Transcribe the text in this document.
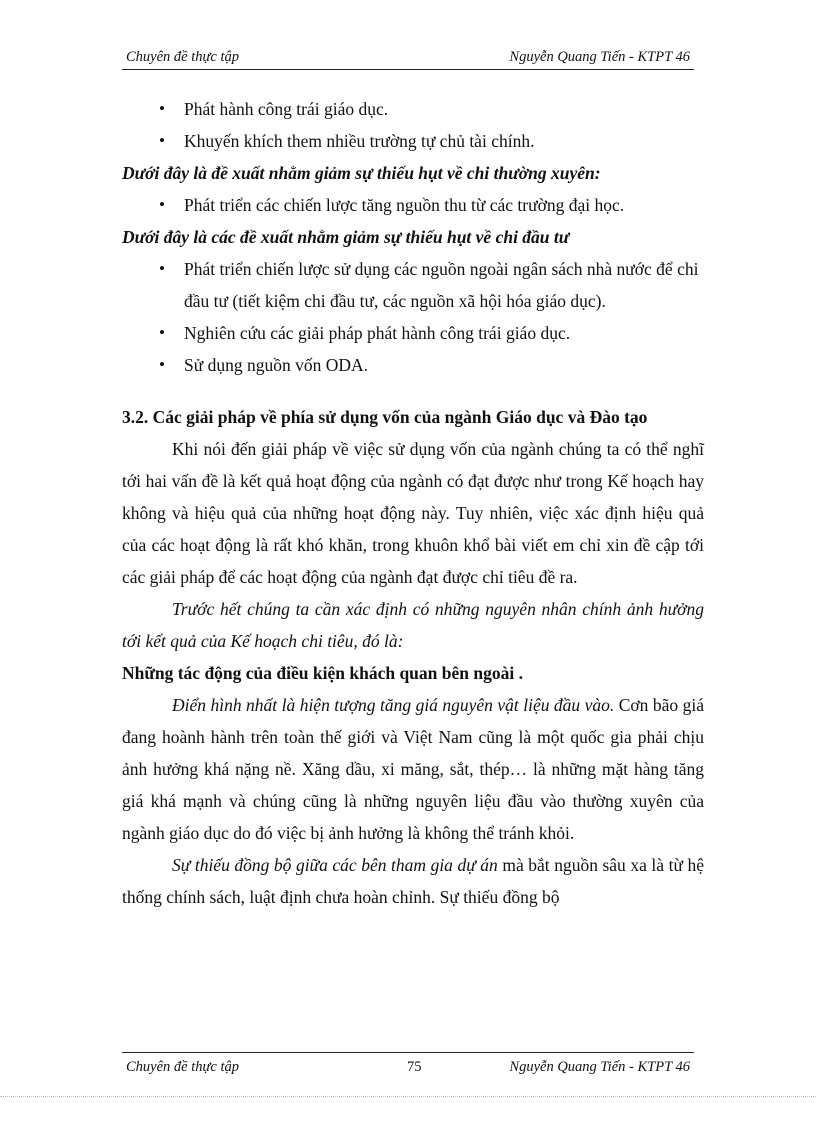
Chuyên đề thực tập	Nguyễn Quang Tiến - KTPT 46
• Phát hành công trái giáo dục.
• Khuyến khích them nhiều trường tự chủ tài chính.
Dưới đây là đề xuất nhằm giảm sự thiếu hụt về chi thường xuyên:
• Phát triển các chiến lược tăng nguồn thu từ các trường đại học.
Dưới đây là các đề xuất nhằm giảm sự thiếu hụt về chi đầu tư
• Phát triển chiến lược sử dụng các nguồn ngoài ngân sách nhà nước để chi đầu tư (tiết kiệm chi đầu tư, các nguồn xã hội hóa giáo dục).
• Nghiên cứu các giải pháp phát hành công trái giáo dục.
• Sử dụng nguồn vốn ODA.
3.2. Các giải pháp về phía sử dụng vốn của ngành Giáo dục và Đào tạo
Khi nói đến giải pháp về việc sử dụng vốn của ngành chúng ta có thể nghĩ tới hai vấn đề là kết quả hoạt động của ngành có đạt được như trong Kế hoạch hay không và hiệu quả của những hoạt động này. Tuy nhiên, việc xác định hiệu quả của các hoạt động là rất khó khăn, trong khuôn khổ bài viết em chỉ xin đề cập tới các giải pháp để các hoạt động của ngành đạt được chỉ tiêu đề ra.
Trước hết chúng ta cần xác định có những nguyên nhân chính ảnh hưởng tới kết quả của Kế hoạch chi tiêu, đó là:
Những tác động của điều kiện khách quan bên ngoài .
Điển hình nhất là hiện tượng tăng giá nguyên vật liệu đầu vào. Cơn bão giá đang hoành hành trên toàn thế giới và Việt Nam cũng là một quốc gia phải chịu ảnh hưởng khá nặng nề. Xăng dầu, xi măng, sắt, thép… là những mặt hàng tăng giá khá mạnh và chúng cũng là những nguyên liệu đầu vào thường xuyên của ngành giáo dục do đó việc bị ảnh hưởng là không thể tránh khỏi.
Sự thiếu đồng bộ giữa các bên tham gia dự án mà bắt nguồn sâu xa là từ hệ thống chính sách, luật định chưa hoàn chỉnh. Sự thiếu đồng bộ
Chuyên đề thực tập	75	Nguyễn Quang Tiến - KTPT 46
